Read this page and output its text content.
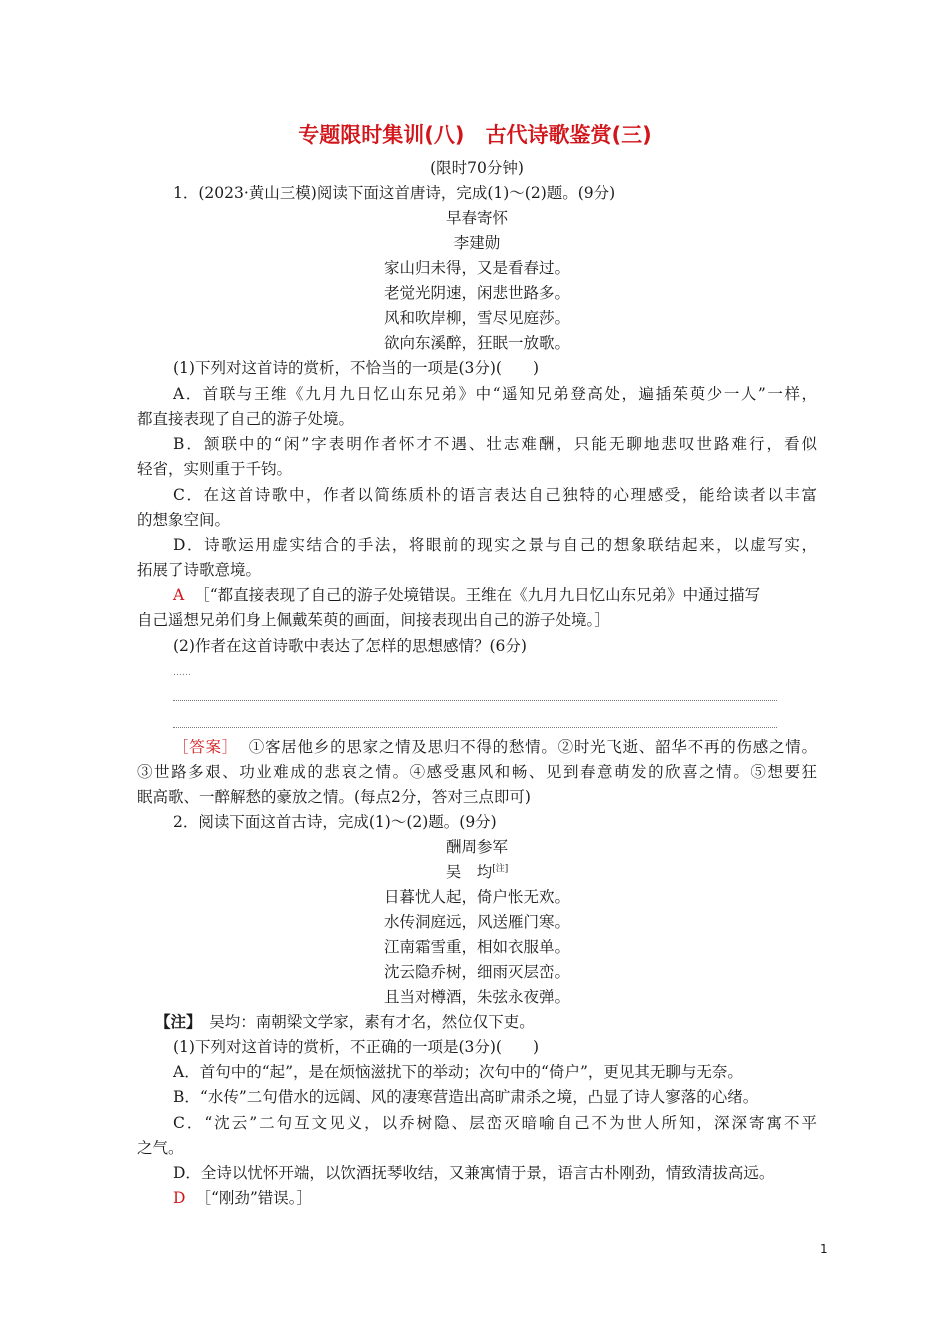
专题限时集训(八)　古代诗歌鉴赏(三)
(限时70分钟)
1．(2023·黄山三模)阅读下面这首唐诗，完成(1)～(2)题。(9分)
早春寄怀
李建勋
家山归未得，又是看春过。
老觉光阴速，闲悲世路多。
风和吹岸柳，雪尽见庭莎。
欲向东溪醉，狂眠一放歌。
(1)下列对这首诗的赏析，不恰当的一项是(3分)(　　)
A．首联与王维《九月九日忆山东兄弟》中“遥知兄弟登高处，遍插茱萸少一人”一样，
都直接表现了自己的游子处境。
B．颔联中的“闲”字表明作者怀才不遇、壮志难酬，只能无聊地悲叹世路难行，看似
轻省，实则重于千钧。
C．在这首诗歌中，作者以简练质朴的语言表达自己独特的心理感受，能给读者以丰富
的想象空间。
D．诗歌运用虚实结合的手法，将眼前的现实之景与自己的想象联结起来，以虚写实，
拓展了诗歌意境。
A ［“都直接表现了自己的游子处境错误。王维在《九月九日忆山东兄弟》中通过描写
自己遥想兄弟们身上佩戴茱萸的画面，间接表现出自己的游子处境。］
(2)作者在这首诗歌中表达了怎样的思想感情？(6分)
……
［答案］ ①客居他乡的思家之情及思归不得的愁情。②时光飞逝、韶华不再的伤感之情。
③世路多艰、功业难成的悲哀之情。④感受惠风和畅、见到春意萌发的欣喜之情。⑤想要狂
眠高歌、一醉解愁的豪放之情。(每点2分，答对三点即可)
2．阅读下面这首古诗，完成(1)～(2)题。(9分)
酬周参军
吴　均[注]
日暮忧人起，倚户怅无欢。
水传洞庭远，风送雁门寒。
江南霜雪重，相如衣服单。
沈云隐乔树，细雨灭层峦。
且当对樽酒，朱弦永夜弹。
【注】　吴均：南朝梁文学家，素有才名，然位仅下吏。
(1)下列对这首诗的赏析，不正确的一项是(3分)(　　)
A．首句中的“起”，是在烦恼滋扰下的举动；次句中的“倚户”，更见其无聊与无奈。
B．“水传”二句借水的远阔、风的凄寒营造出高旷肃杀之境，凸显了诗人寥落的心绪。
C．“沈云”二句互文见义，以乔树隐、层峦灭暗喻自己不为世人所知，深深寄寓不平
之气。
D．全诗以忧怀开端，以饮酒抚琴收结，又兼寓情于景，语言古朴刚劲，情致清拔高远。
D ［“刚劲”错误。］
1
